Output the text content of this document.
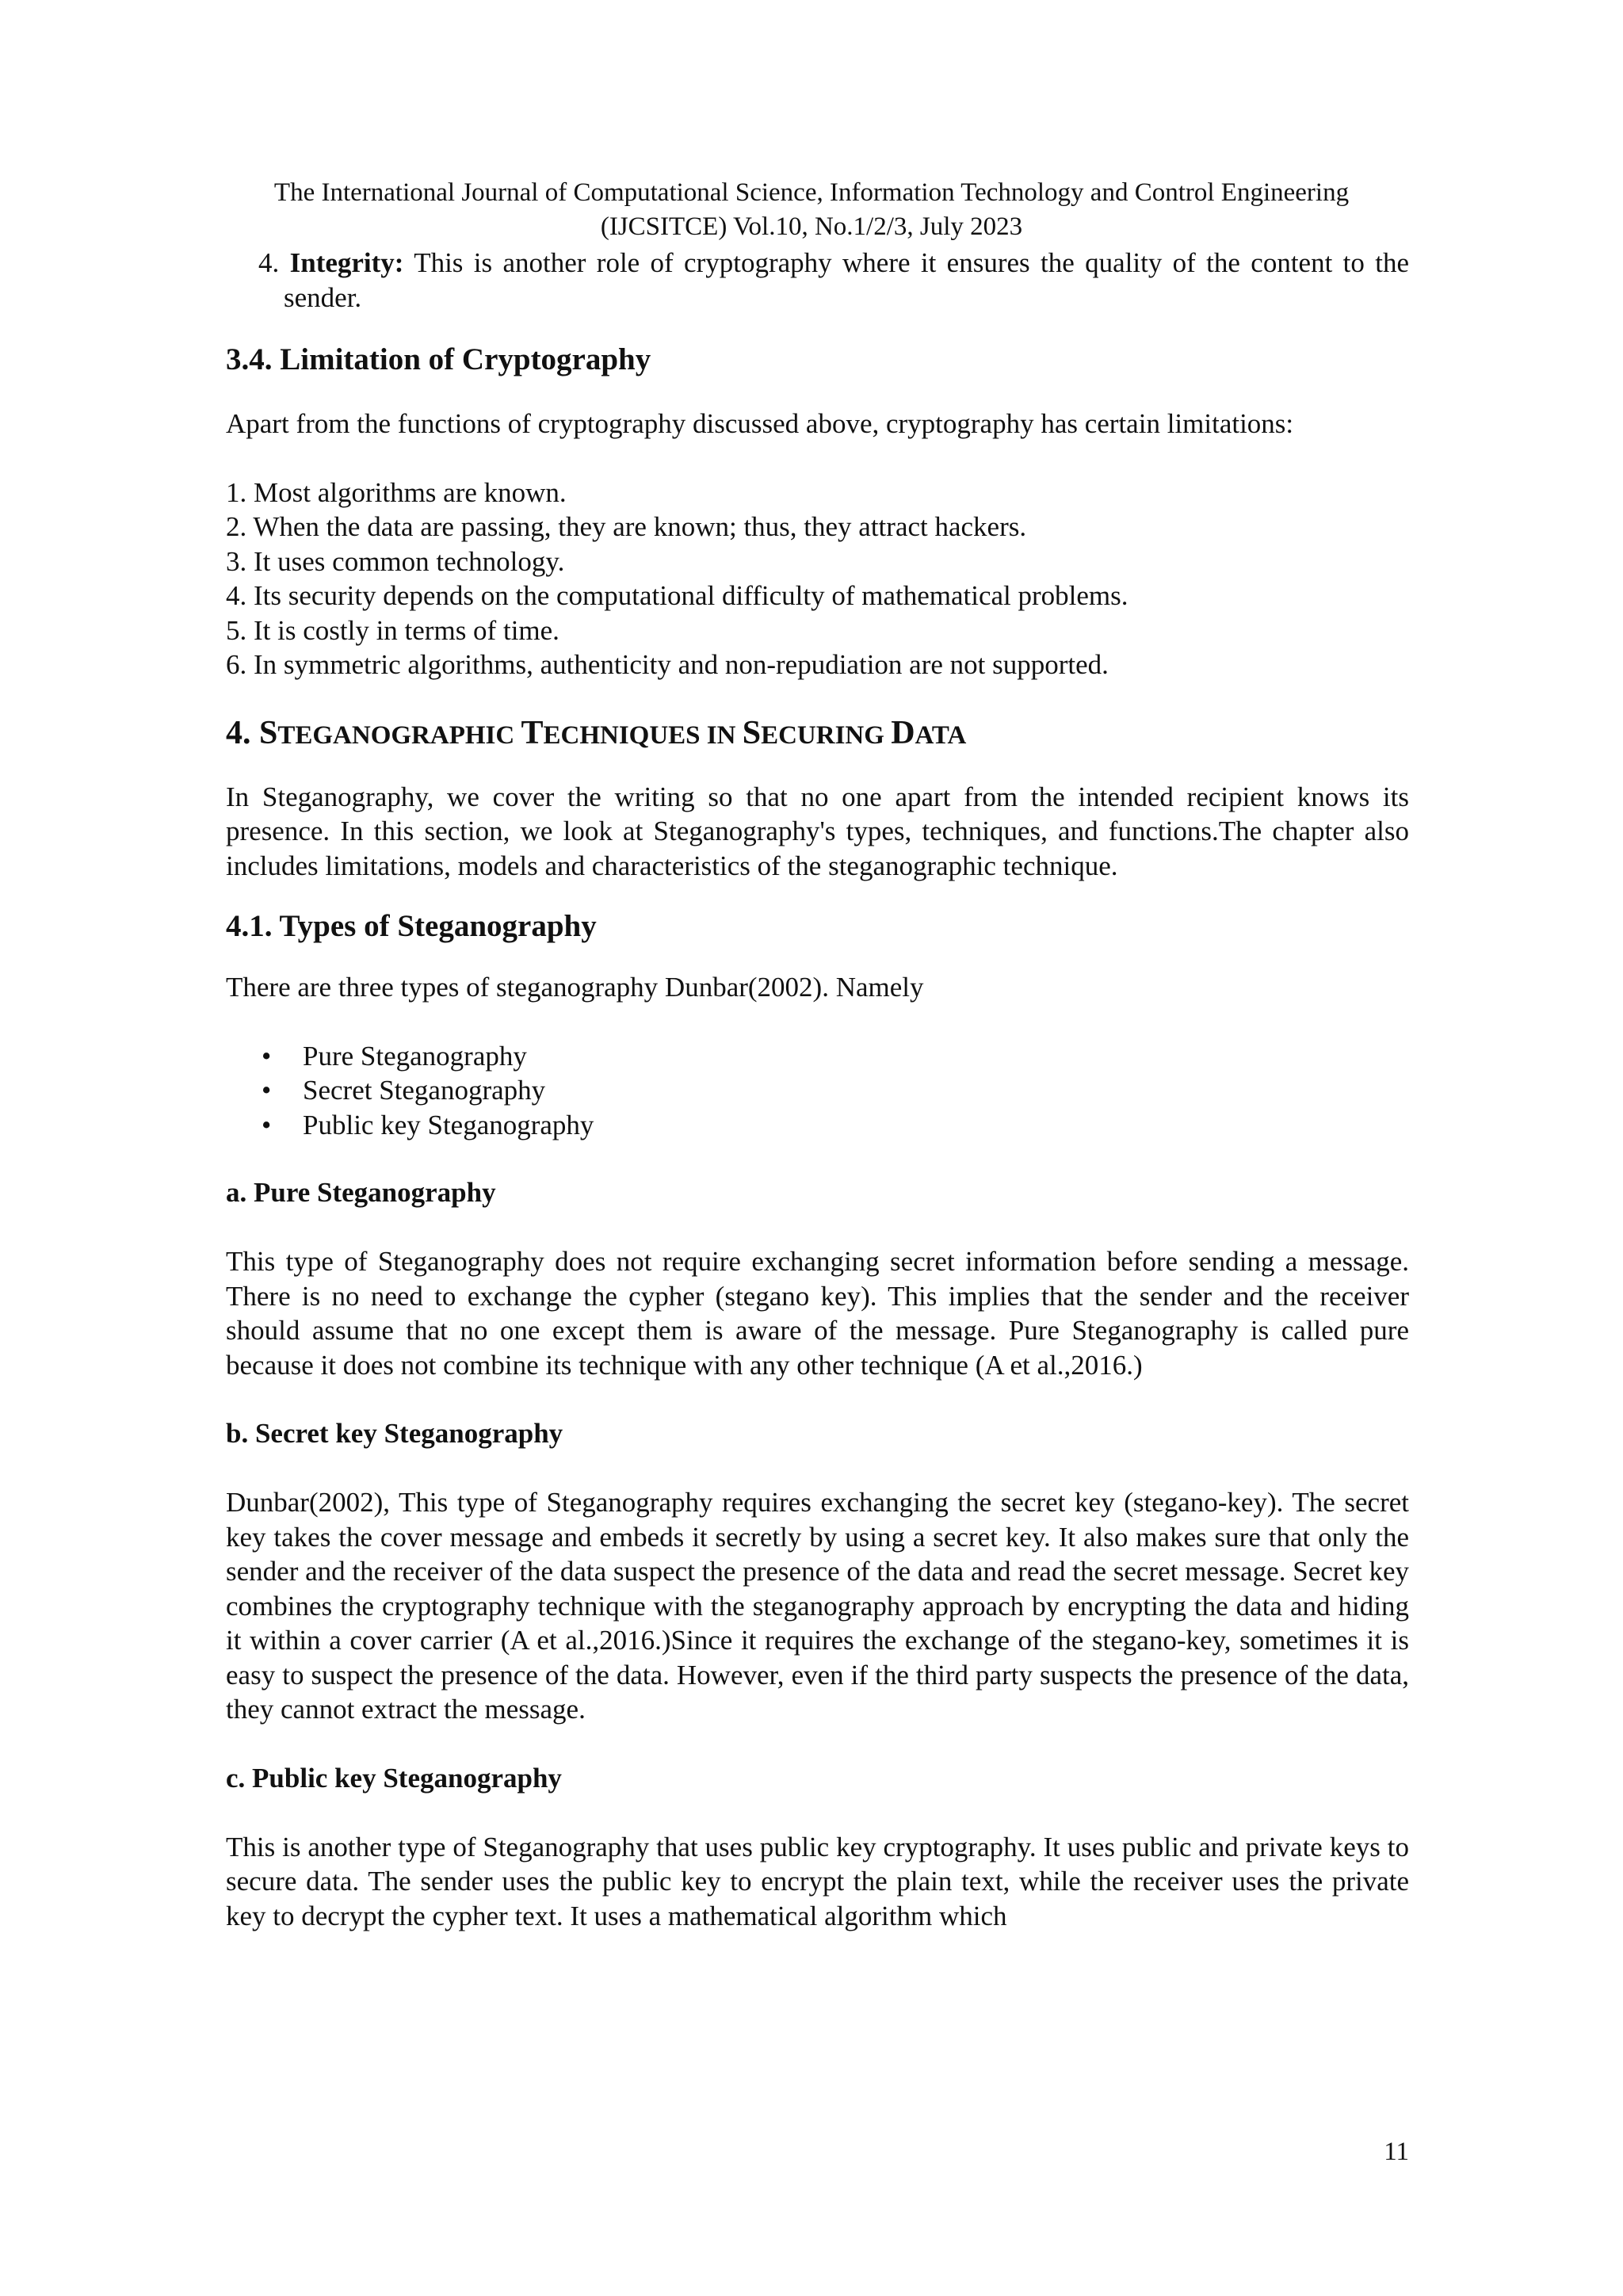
The International Journal of Computational Science, Information Technology and Control Engineering
(IJCSITCE) Vol.10, No.1/2/3, July 2023

4. Integrity: This is another role of cryptography where it ensures the quality of the content to the sender.

3.4. Limitation of Cryptography

Apart from the functions of cryptography discussed above, cryptography has certain limitations:

1. Most algorithms are known.
2. When the data are passing, they are known; thus, they attract hackers.
3. It uses common technology.
4. Its security depends on the computational difficulty of mathematical problems.
5. It is costly in terms of time.
6. In symmetric algorithms, authenticity and non-repudiation are not supported.
4. STEGANOGRAPHIC TECHNIQUES IN SECURING DATA

In Steganography, we cover the writing so that no one apart from the intended recipient knows its presence. In this section, we look at Steganography's types, techniques, and functions.The chapter also includes limitations, models and characteristics of the steganographic technique.

4.1. Types of Steganography

There are three types of steganography Dunbar(2002). Namely

• Pure Steganography
• Secret Steganography
• Public key Steganography
a. Pure Steganography

This type of Steganography does not require exchanging secret information before sending a message. There is no need to exchange the cypher (stegano key). This implies that the sender and the receiver should assume that no one except them is aware of the message. Pure Steganography is called pure because it does not combine its technique with any other technique (A et al.,2016.)

b. Secret key Steganography

Dunbar(2002), This type of Steganography requires exchanging the secret key (stegano-key). The secret key takes the cover message and embeds it secretly by using a secret key. It also makes sure that only the sender and the receiver of the data suspect the presence of the data and read the secret message. Secret key combines the cryptography technique with the steganography approach by encrypting the data and hiding it within a cover carrier (A et al.,2016.)Since it requires the exchange of the stegano-key, sometimes it is easy to suspect the presence of the data. However, even if the third party suspects the presence of the data, they cannot extract the message.

c. Public key Steganography

This is another type of Steganography that uses public key cryptography. It uses public and private keys to secure data. The sender uses the public key to encrypt the plain text, while the receiver uses the private key to decrypt the cypher text. It uses a mathematical algorithm which

11
